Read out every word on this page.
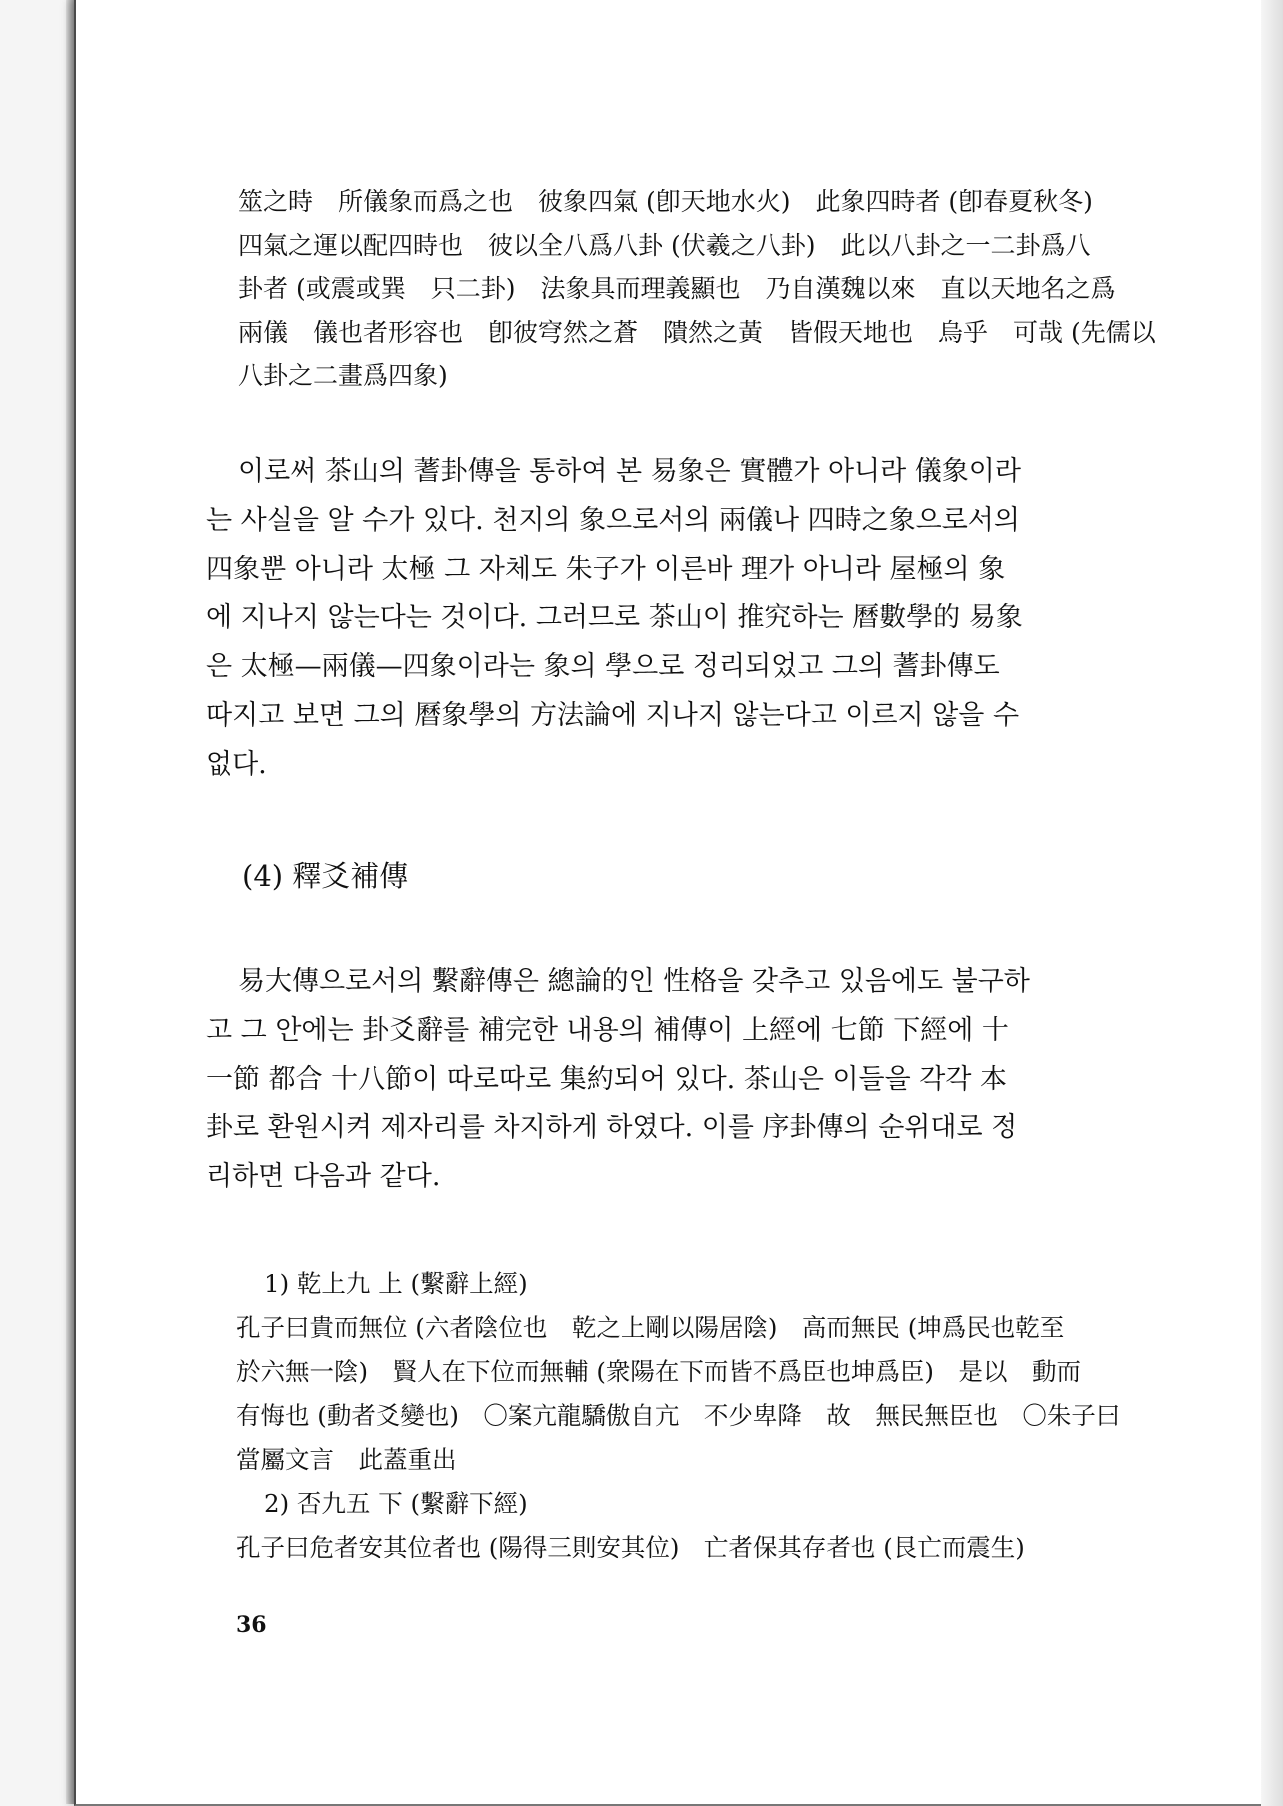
筮之時　所儀象而爲之也　彼象四氣 (卽天地水火)　此象四時者 (卽春夏秋冬)

四氣之運以配四時也　彼以全八爲八卦 (伏羲之八卦)　此以八卦之一二卦爲八

卦者 (或震或巽　只二卦)　法象具而理義顯也　乃自漢魏以來　直以天地名之爲

兩儀　儀也者形容也　卽彼穹然之蒼　隤然之黃　皆假天地也　烏乎　可哉 (先儒以

八卦之二畫爲四象)

이로써 茶山의 蓍卦傳을 통하여 본 易象은 實體가 아니라 儀象이라

는 사실을 알 수가 있다. 천지의 象으로서의 兩儀나 四時之象으로서의

四象뿐 아니라 太極 그 자체도 朱子가 이른바 理가 아니라 屋極의 象

에 지나지 않는다는 것이다. 그러므로 茶山이 推究하는 曆數學的 易象

은 太極—兩儀—四象이라는 象의 學으로 정리되었고 그의 蓍卦傳도

따지고 보면 그의 曆象學의 方法論에 지나지 않는다고 이르지 않을 수

없다.

(4) 釋爻補傳

易大傳으로서의 繫辭傳은 總論的인 性格을 갖추고 있음에도 불구하

고 그 안에는 卦爻辭를 補完한 내용의 補傳이 上經에 七節 下經에 十

一節 都合 十八節이 따로따로 集約되어 있다. 茶山은 이들을 각각 本

卦로 환원시켜 제자리를 차지하게 하였다. 이를 序卦傳의 순위대로 정

리하면 다음과 같다.

1) 乾上九 上 (繫辭上經)

孔子曰貴而無位 (六者陰位也　乾之上剛以陽居陰)　高而無民 (坤爲民也乾至

於六無一陰)　賢人在下位而無輔 (衆陽在下而皆不爲臣也坤爲臣)　是以　動而

有悔也 (動者爻變也)　〇案亢龍驕傲自亢　不少卑降　故　無民無臣也　〇朱子曰

當屬文言　此蓋重出

2) 否九五 下 (繫辭下經)

孔子曰危者安其位者也 (陽得三則安其位)　亡者保其存者也 (艮亡而震生)

36
